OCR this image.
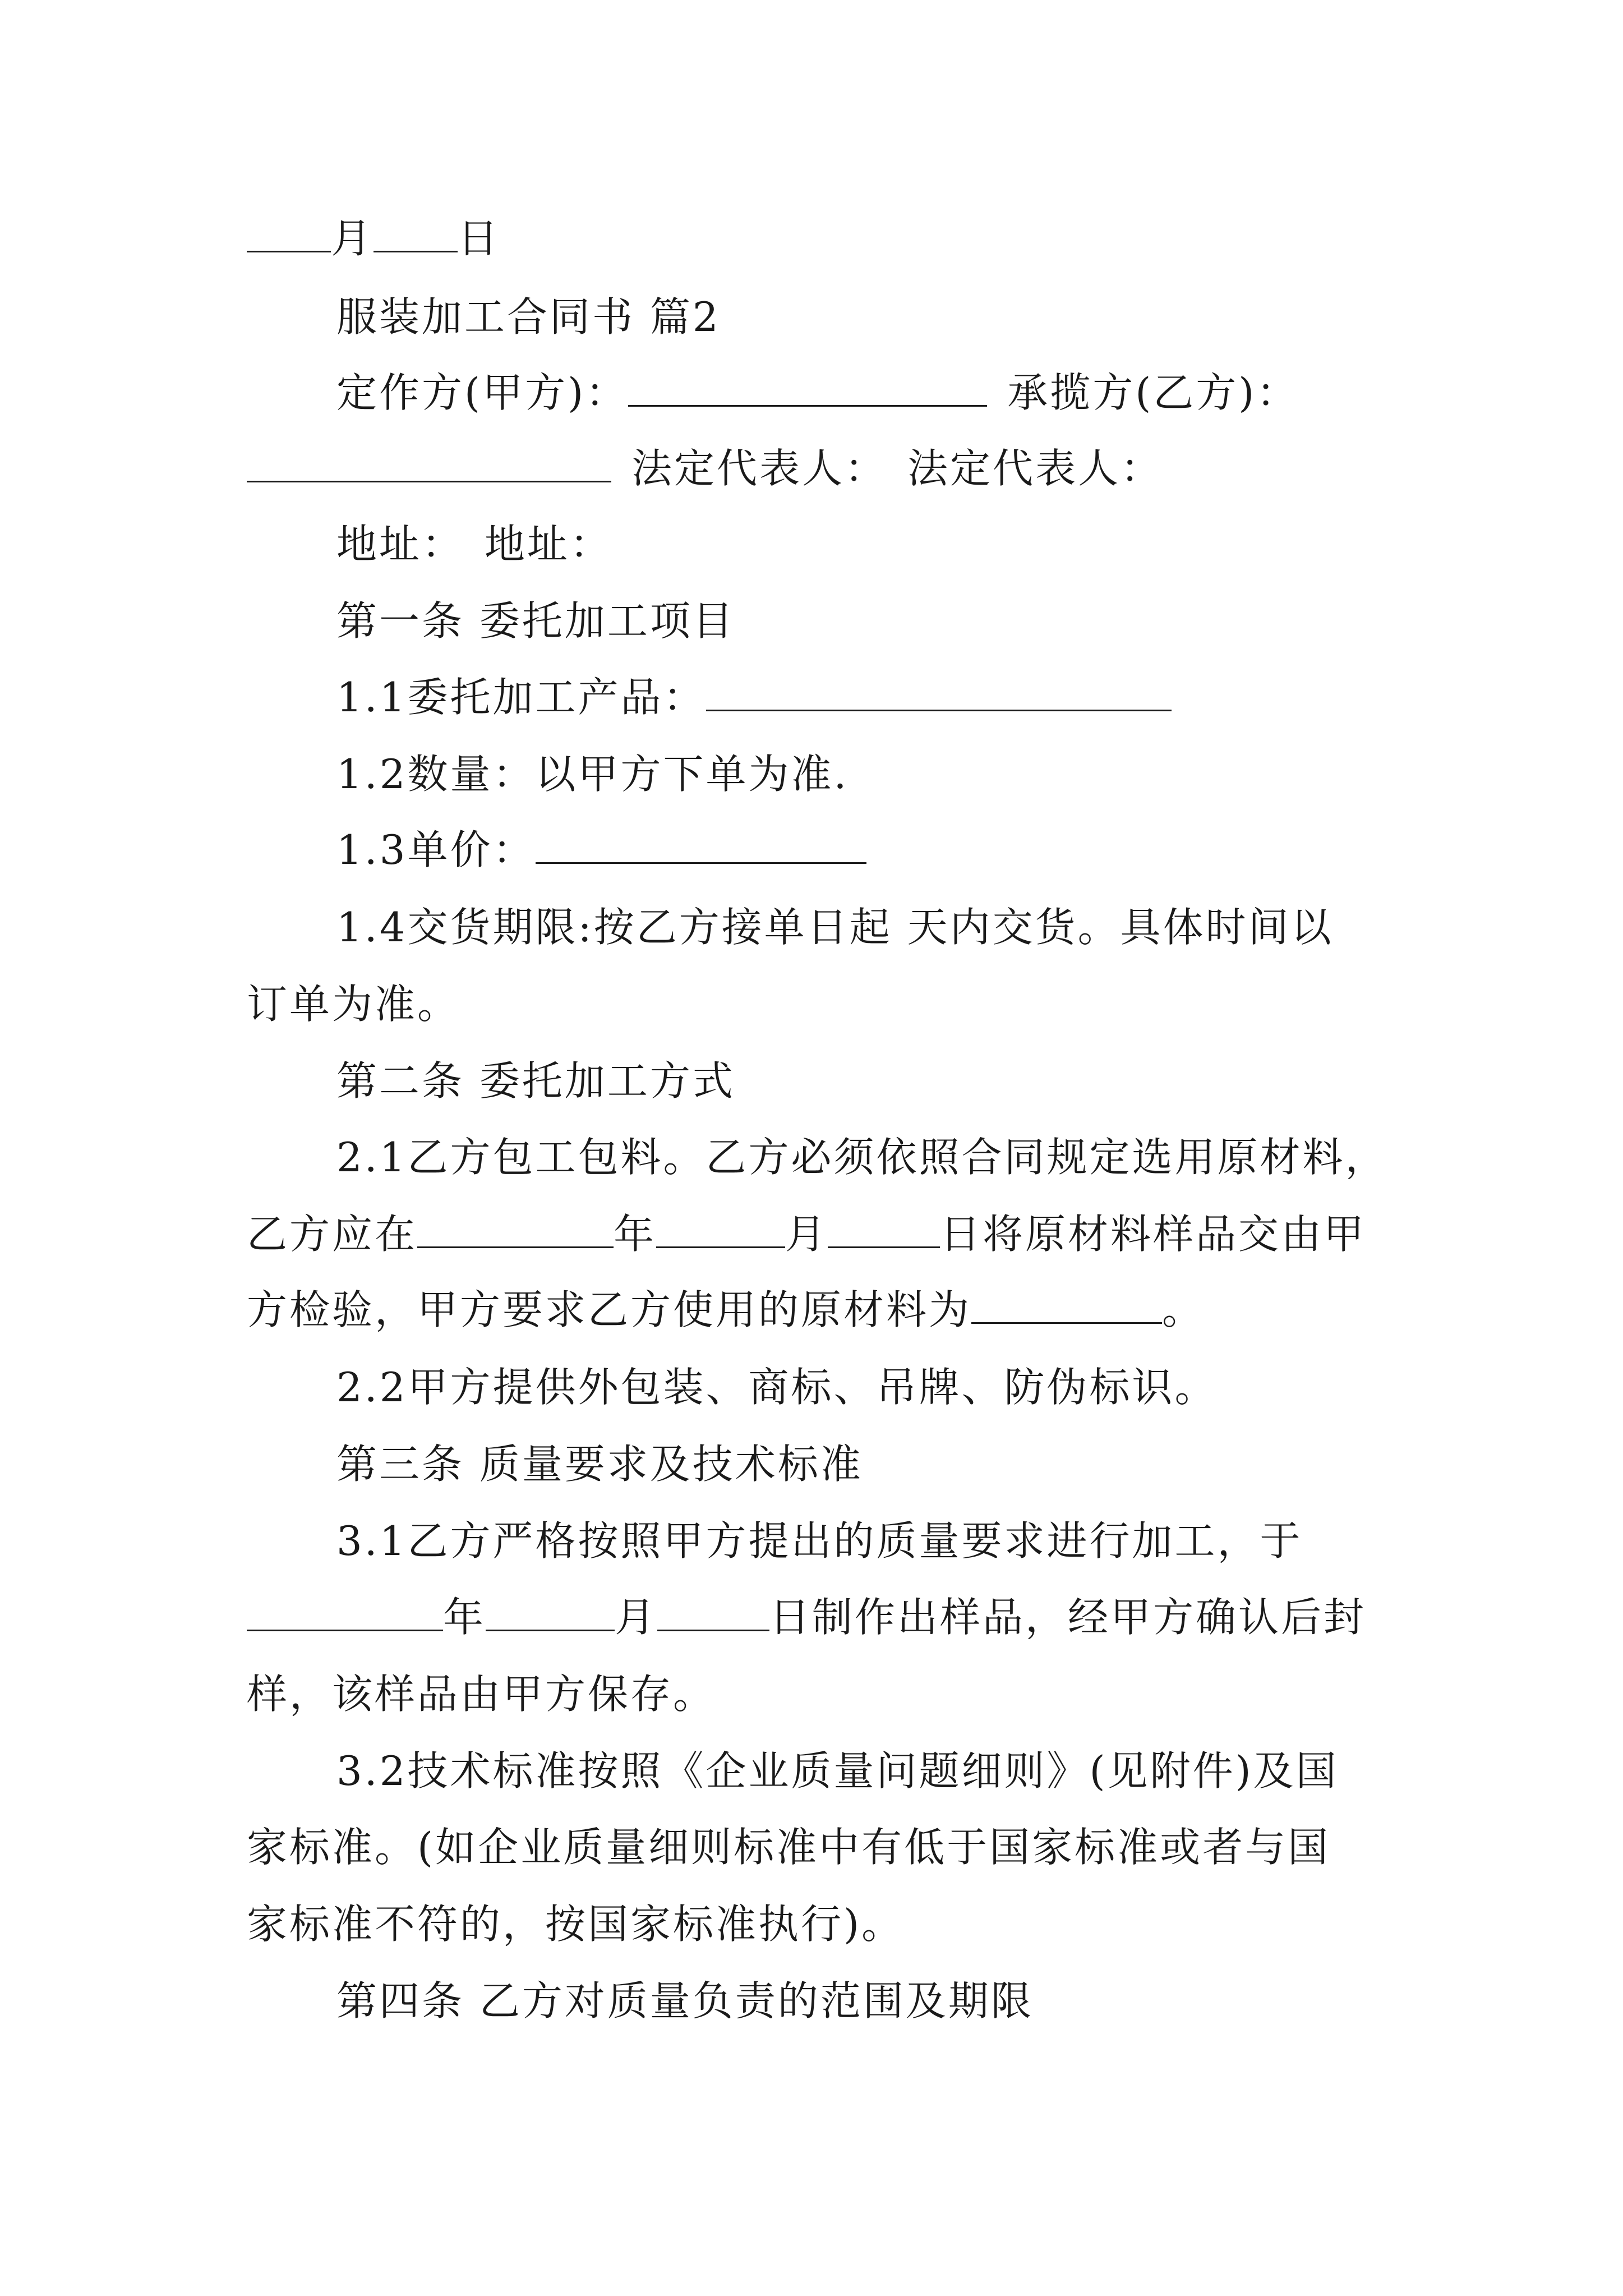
月 日
服装加工合同书 篇2
定作方(甲方)：	承揽方(乙方)：
法定代表人： 法定代表人：
地址： 地址：
第一条 委托加工项目
1.1委托加工产品：
1.2数量：以甲方下单为准.
1.3单价：
1.4交货期限:按乙方接单日起 天内交货。具体时间以
订单为准。
第二条 委托加工方式
2.1乙方包工包料。乙方必须依照合同规定选用原材料，
乙方应在	年	月	日将原材料样品交由甲
方检验，甲方要求乙方使用的原材料为	。
2.2甲方提供外包装、商标、吊牌、防伪标识。
第三条 质量要求及技术标准
3.1乙方严格按照甲方提出的质量要求进行加工，于
年	月	日制作出样品，经甲方确认后封
样，该样品由甲方保存。
3.2技术标准按照《企业质量问题细则》(见附件)及国
家标准。(如企业质量细则标准中有低于国家标准或者与国
家标准不符的，按国家标准执行)。
第四条 乙方对质量负责的范围及期限
